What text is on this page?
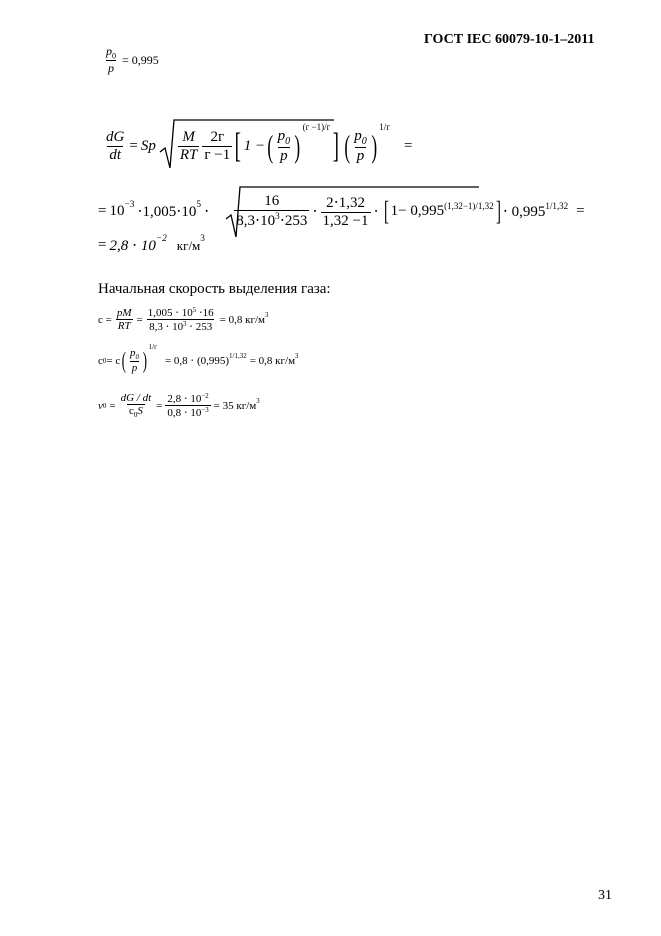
ГОСТ IEC 60079-10-1–2011
$\frac{p_0}{p} = 0,995$
$\frac{dG}{dt} = Sp \frac{M}{RT} \frac{2г}{г -1}$ [ 1 − ( $\frac{p_0}{p}$ )
(г −1)/г
] ( $\frac{p_0}{p}$ )
1/г
=
= 10 −3 ⋅1,005⋅10 $5 \cdot \frac{16}{8,3\cdot 10^3\cdot 253} \cdot \frac{2\cdot 1,32}{1,32 -1}$ ⋅ [ 1− 0,995 (1,32−1)/1,32 ] ⋅ 0,995 1/1,32 =
= 2,8 ⋅ 10 −2 кг/м 3
Начальная скорость выделения газа:
$с = \frac{pM}{RT} = \frac{1,005 \cdot 10^5 \cdot 16}{8,3 \cdot 10^3 \cdot 253} = 0,8$ кг/м 3
с 0 = с ( $\frac{p_0}{p}$ )
1/г
= 0,8 ⋅ (0,995) 1/1,32 = 0,8 кг/м 3
v $0 = \frac{dG / dt}{с_0S} = \frac{2,8 \cdot 10^{-2}}{0,8 \cdot 10^{-3}} = 35$ кг/м 3
31
